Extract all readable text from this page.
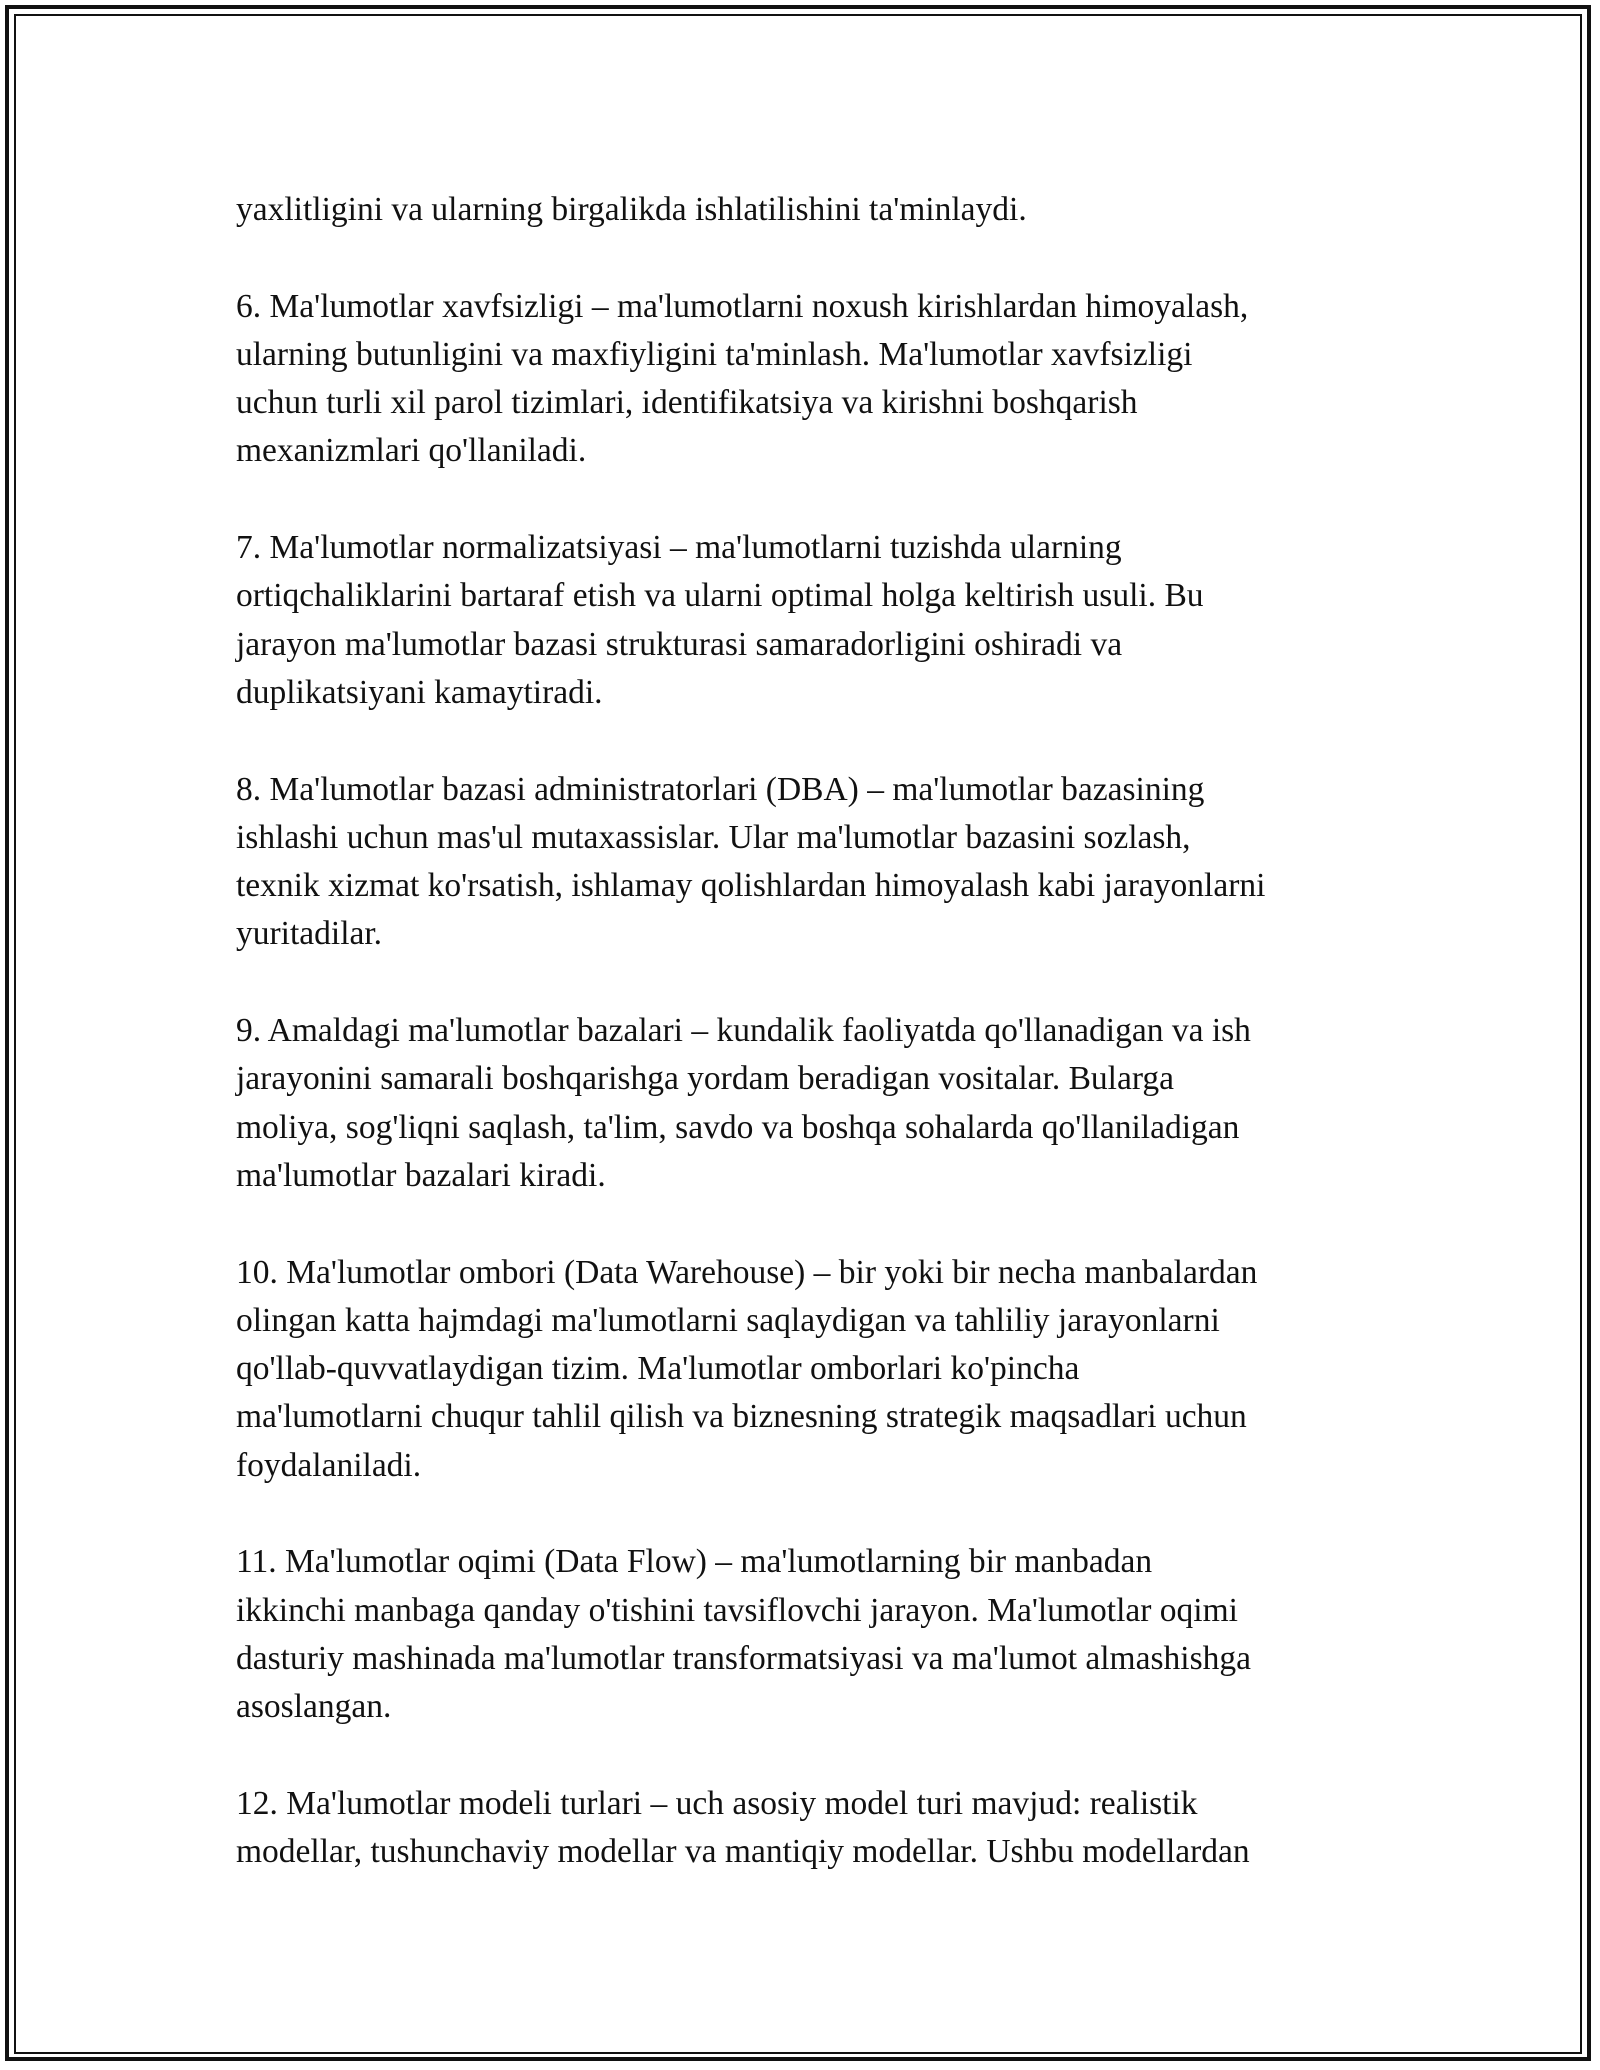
yaxlitligini va ularning birgalikda ishlatilishini ta'minlaydi.

6. Ma'lumotlar xavfsizligi – ma'lumotlarni noxush kirishlardan himoyalash,
ularning butunligini va maxfiyligini ta'minlash. Ma'lumotlar xavfsizligi
uchun turli xil parol tizimlari, identifikatsiya va kirishni boshqarish
mexanizmlari qo'llaniladi.

7. Ma'lumotlar normalizatsiyasi – ma'lumotlarni tuzishda ularning
ortiqchaliklarini bartaraf etish va ularni optimal holga keltirish usuli. Bu
jarayon ma'lumotlar bazasi strukturasi samaradorligini oshiradi va
duplikatsiyani kamaytiradi.

8. Ma'lumotlar bazasi administratorlari (DBA) – ma'lumotlar bazasining
ishlashi uchun mas'ul mutaxassislar. Ular ma'lumotlar bazasini sozlash,
texnik xizmat ko'rsatish, ishlamay qolishlardan himoyalash kabi jarayonlarni
yuritadilar.

9. Amaldagi ma'lumotlar bazalari – kundalik faoliyatda qo'llanadigan va ish
jarayonini samarali boshqarishga yordam beradigan vositalar. Bularga
moliya, sog'liqni saqlash, ta'lim, savdo va boshqa sohalarda qo'llaniladigan
ma'lumotlar bazalari kiradi.

10. Ma'lumotlar ombori (Data Warehouse) – bir yoki bir necha manbalardan
olingan katta hajmdagi ma'lumotlarni saqlaydigan va tahliliy jarayonlarni
qo'llab-quvvatlaydigan tizim. Ma'lumotlar omborlari ko'pincha
ma'lumotlarni chuqur tahlil qilish va biznesning strategik maqsadlari uchun
foydalaniladi.

11. Ma'lumotlar oqimi (Data Flow) – ma'lumotlarning bir manbadan
ikkinchi manbaga qanday o'tishini tavsiflovchi jarayon. Ma'lumotlar oqimi
dasturiy mashinada ma'lumotlar transformatsiyasi va ma'lumot almashishga
asoslangan.

12. Ma'lumotlar modeli turlari – uch asosiy model turi mavjud: realistik
modellar, tushunchaviy modellar va mantiqiy modellar. Ushbu modellardan
